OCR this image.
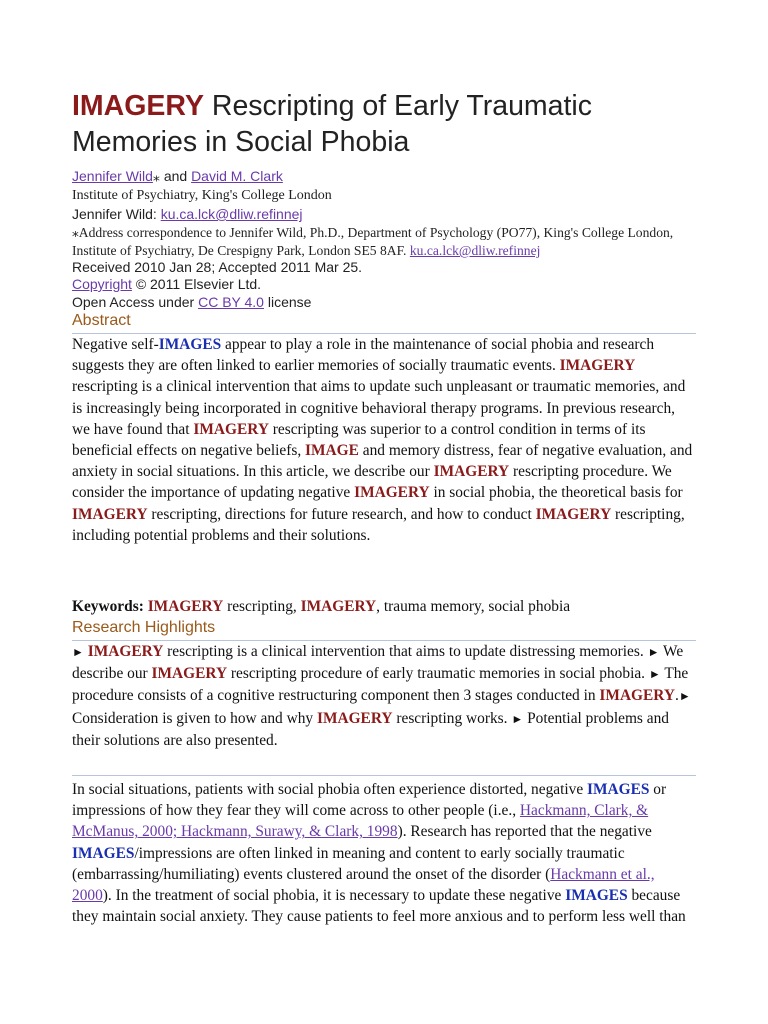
IMAGERY Rescripting of Early Traumatic Memories in Social Phobia
Jennifer Wild⁎ and David M. Clark
Institute of Psychiatry, King's College London
Jennifer Wild: ku.ca.lck@dliw.refinnej
⁎Address correspondence to Jennifer Wild, Ph.D., Department of Psychology (PO77), King's College London, Institute of Psychiatry, De Crespigny Park, London SE5 8AF. ku.ca.lck@dliw.refinnej
Received 2010 Jan 28; Accepted 2011 Mar 25.
Copyright © 2011 Elsevier Ltd.
Open Access under CC BY 4.0 license
Abstract
Negative self-IMAGES appear to play a role in the maintenance of social phobia and research suggests they are often linked to earlier memories of socially traumatic events. IMAGERY rescripting is a clinical intervention that aims to update such unpleasant or traumatic memories, and is increasingly being incorporated in cognitive behavioral therapy programs. In previous research, we have found that IMAGERY rescripting was superior to a control condition in terms of its beneficial effects on negative beliefs, IMAGE and memory distress, fear of negative evaluation, and anxiety in social situations. In this article, we describe our IMAGERY rescripting procedure. We consider the importance of updating negative IMAGERY in social phobia, the theoretical basis for IMAGERY rescripting, directions for future research, and how to conduct IMAGERY rescripting, including potential problems and their solutions.
Keywords: IMAGERY rescripting, IMAGERY, trauma memory, social phobia
Research Highlights
► IMAGERY rescripting is a clinical intervention that aims to update distressing memories. ► We describe our IMAGERY rescripting procedure of early traumatic memories in social phobia. ► The procedure consists of a cognitive restructuring component then 3 stages conducted in IMAGERY.► Consideration is given to how and why IMAGERY rescripting works. ► Potential problems and their solutions are also presented.
In social situations, patients with social phobia often experience distorted, negative IMAGES or impressions of how they fear they will come across to other people (i.e., Hackmann, Clark, & McManus, 2000; Hackmann, Surawy, & Clark, 1998). Research has reported that the negative IMAGES/impressions are often linked in meaning and content to early socially traumatic (embarrassing/humiliating) events clustered around the onset of the disorder (Hackmann et al., 2000). In the treatment of social phobia, it is necessary to update these negative IMAGES because they maintain social anxiety. They cause patients to feel more anxious and to perform less well than
